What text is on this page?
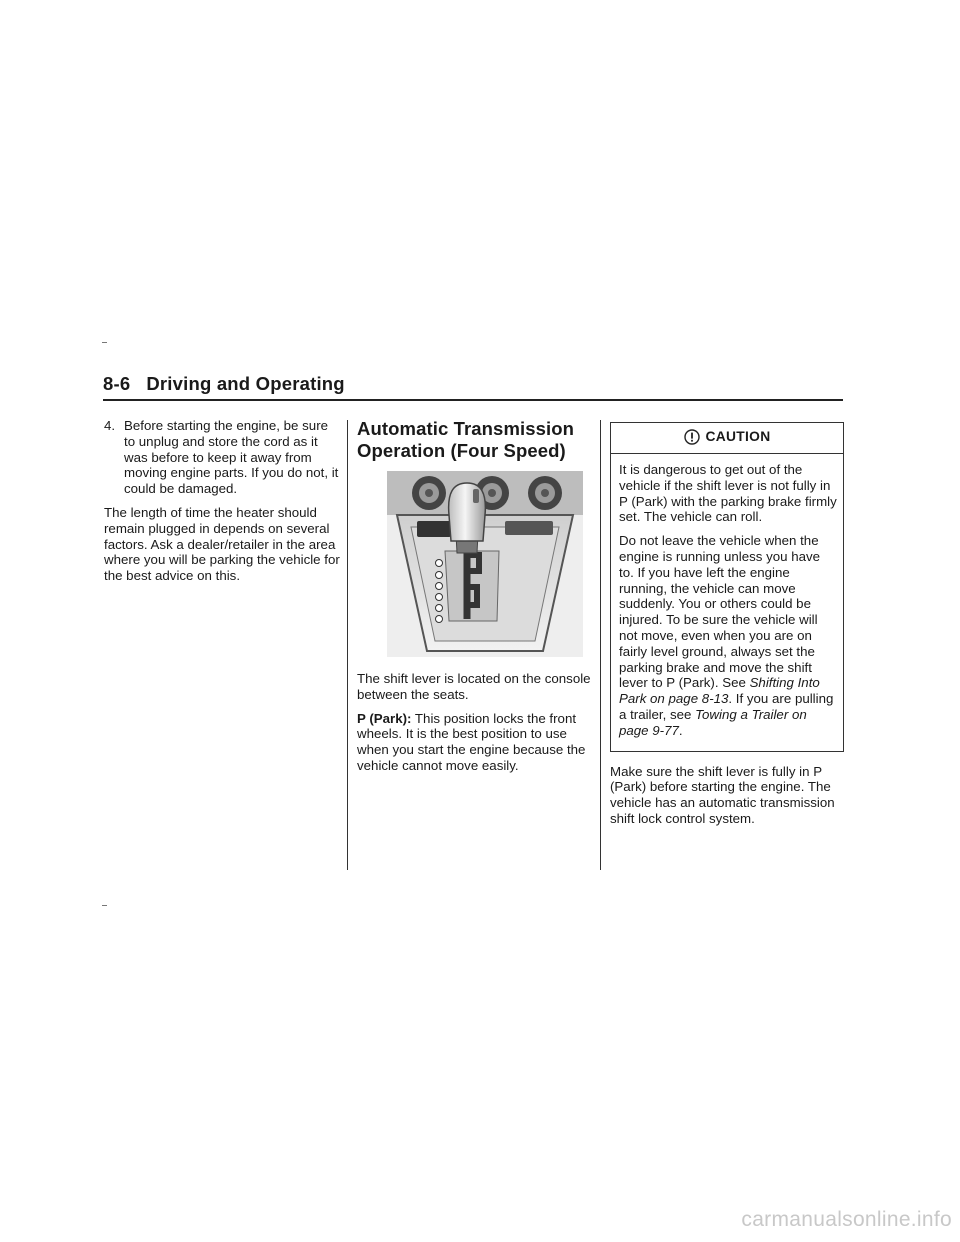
8-6 Driving and Operating
4. Before starting the engine, be sure to unplug and store the cord as it was before to keep it away from moving engine parts. If you do not, it could be damaged.

The length of time the heater should remain plugged in depends on several factors. Ask a dealer/retailer in the area where you will be parking the vehicle for the best advice on this.

Automatic Transmission Operation (Four Speed)

The shift lever is located on the console between the seats.

P (Park): This position locks the front wheels. It is the best position to use when you start the engine because the vehicle cannot move easily.

CAUTION

It is dangerous to get out of the vehicle if the shift lever is not fully in P (Park) with the parking brake firmly set. The vehicle can roll.

Do not leave the vehicle when the engine is running unless you have to. If you have left the engine running, the vehicle can move suddenly. You or others could be injured. To be sure the vehicle will not move, even when you are on fairly level ground, always set the parking brake and move the shift lever to P (Park). See Shifting Into Park on page 8-13. If you are pulling a trailer, see Towing a Trailer on page 9-77.

Make sure the shift lever is fully in P (Park) before starting the engine. The vehicle has an automatic transmission shift lock control system.

carmanualsonline.info
